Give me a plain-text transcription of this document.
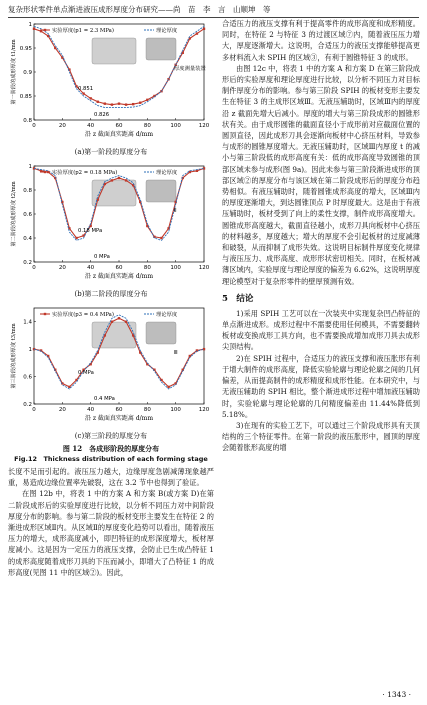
复杂形状零件单点渐进液压成形厚度分布研究——尚　苗　李　言　山顺坤　等
0	20	40	60	80	100	120
0.8
0.85
0.9
0.95
1
沿 z 截面真实距离 d/mm
第一阶段的成形厚度 t1/mm
实验厚度(p1 = 2.3 MPa)	理论厚度
0.851
0.826
厚度测量装置
(a)第一阶段的厚度分布
0	20	40	60	80	100	120
0.2
0.4
0.6
0.8
1
沿 z 截面真实距离 d/mm
第二阶段的成形厚度 t2/mm
实验厚度(p2 = 0.18 MPa)	理论厚度
0.18 MPa
0 MPa
Ⅱ
(b)第二阶段的厚度分布
0	20	40	60	80	100	120
0.2
0.6
1
1.4
沿 z 截面真实距离 d/mm
第三阶段的成形厚度 t3/mm
实验厚度(p3 = 0.4 MPa)	理论厚度
0 MPa
0.4 MPa
Ⅲ
(c)第三阶段的厚度分布
图 12　各成形阶段的厚度分布
Fig.12　Thickness distribution of each forming stage

长度不足而引起的。液压压力越大，边缘厚度急剧减薄现象越严重，易造成边缘位置率先破裂，这在 3.2 节中也得到了验证。

在图 12b 中，将表 1 中的方案 A 和方案 B(或方案 D)在第二阶段成形后的实验厚度进行比较，以分析不同压力对中间阶段厚度分布的影响。参与第二阶段的板材变形主要发生在特征 2 的渐进成形区域Ⅱ内。从区域Ⅱ的厚度变化趋势可以看出，随着液压压力的增大，成形高度减小，即凹特征的成形深度增大，板材厚度减小。这是因为一定压力的液压支撑，会防止已生成凸特征 1 的成形高度随着成形刀具的下压而减小，即增大了凸特征 1 的成形高度(见图 11 中的区域②)。因此，

合适压力的液压支撑有利于提高零件的成形高度和成形精度。同时，在特征 2 与特征 3 的过渡区域⑦内，随着液压压力增大，厚度逐渐增大。这说明，合适压力的液压支撑能够提高更多材料流入未 SPIH 的区域③，有利于圆锥特征 3 的成形。

由图 12c 中，将表 1 中的方案 A 和方案 D 在第三阶段成形后的实验厚度和理论厚度进行比较，以分析不同压力对目标制件厚度分布的影响。参与第三阶段 SPIH 的板材变形主要发生在特征 3 的主成形区域Ⅲ。无液压辅助时，区域Ⅲ内的厚度沿 z 截面先增大后减小。厚度的增大与第三阶段成形的圆锥形状有关。由于成形圆锥的截面直径小于成形前对应截面位置的圆顶直径，因此成形刀具会逐渐向板材中心挤压材料，导致参与成形的圆锥厚度增大。无液压辅助时，区域Ⅲ内厚度 t 的减小与第三阶段低的成形高度有关：低的成形高度导致圆锥的顶部区域未参与成形(图 9a)。因此未参与第三阶段渐进成形的顶部区域②的厚度分布与该区域在第二阶段成形后的厚度分布趋势相似。有液压辅助时，随着圆锥成形高度的增大，区域Ⅲ内的厚度逐渐增大，到达圆锥顶点 P 时厚度最大。这是由于有液压辅助时，板材受到了向上的柔性支撑，制件成形高度增大。圆锥成形高度越大，截面直径越小，成形刀具向板材中心挤压的材料越多，厚度越大；增大的厚度不会引起板材的过度减薄和破裂，从而抑制了成形失效。这说明目标制件厚度变化规律与液压压力、成形高度、成形形状密切相关。同时，在板材减薄区域内，实验厚度与理论厚度的偏差为 6.62%，这说明厚度理论模型对于复杂形零件的壁厚预测有效。

5　结论

1)采用 SPIH 工艺可以在一次装夹中实现复杂凹凸特征的单点渐进成形。成形过程中不需要使用任何模具，不需要翻转板材或变换成形工具方向，也不需要换成增加成形刀具去成形尖顶结构。

2)在 SPIH 过程中，合适压力的液压支撑和液压胀形有利于增大制件的成形高度，降低实验轮廓与理论轮廓之间的几何偏差，从而提高制件的成形精度和成形性能。在本研究中，与无液压辅助的 SPIH 相比，整个渐进成形过程中增加液压辅助时，实验轮廓与理论轮廓的几何精度偏差由 11.44%降低到 5.18%。

3)在现有的实验工艺下，可以通过三个阶段成形具有天顶结构的三个特征零件。在第一阶段的液压胀形中，圆顶的厚度会随着胀形高度的增

· 1343 ·
